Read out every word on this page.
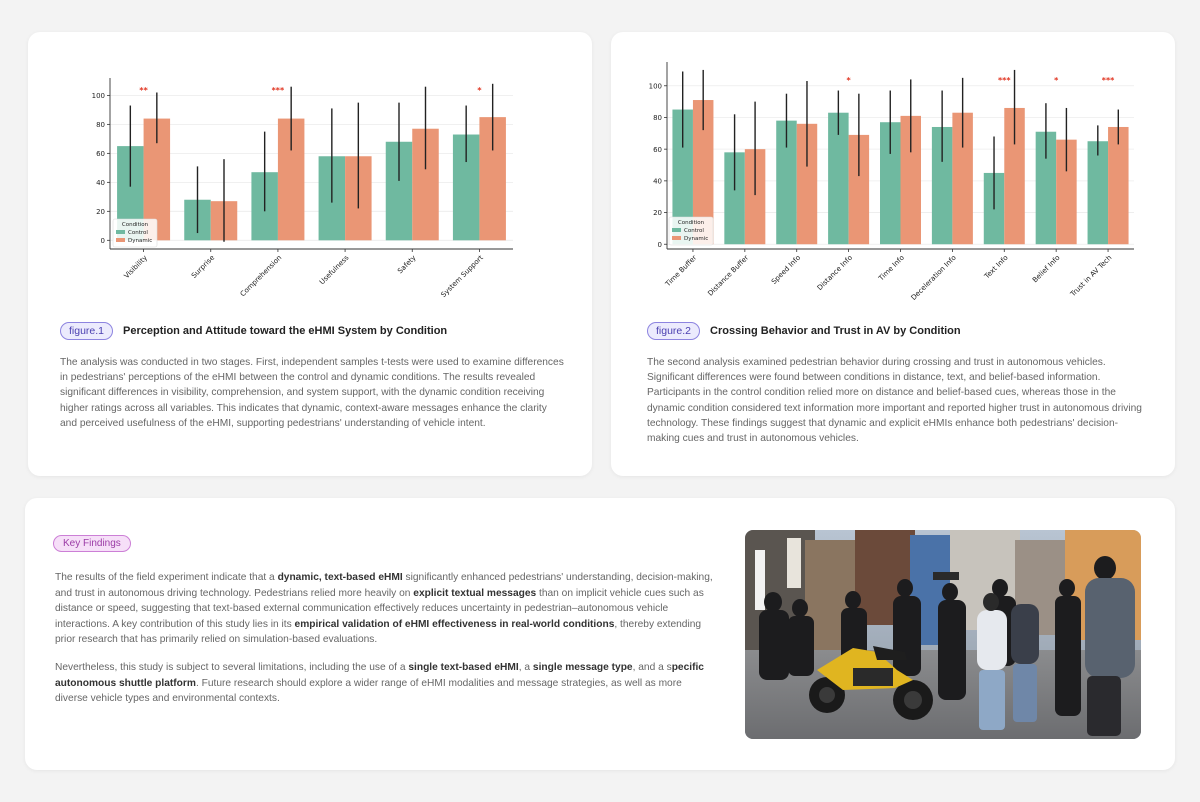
0
20
40
60
80
100
**
Visibility	Surprise
***
Comprehension	Usefulness	Safety
*
System Support
Condition
Control
Dynamic
figure.1	Perception and Attitude toward the eHMI System by Condition

The analysis was conducted in two stages. First, independent samples t-tests were used to examine differences in pedestrians' perceptions of the eHMI between the control and dynamic conditions. The results revealed significant differences in visibility, comprehension, and system support, with the dynamic condition receiving higher ratings across all variables. This indicates that dynamic, context-aware messages enhance the clarity and perceived usefulness of the eHMI, supporting pedestrians' understanding of vehicle intent.

0
20
40
60
80
100
Time Buffer Distance Buffer	Speed Info
*
Distance Info	Time Info Deceleration Info
***
Text Info
*
Belief Info
***
Trust in AV Tech
Condition
Control
Dynamic
figure.2	Crossing Behavior and Trust in AV by Condition

The second analysis examined pedestrian behavior during crossing and trust in autonomous vehicles. Significant differences were found between conditions in distance, text, and belief-based information. Participants in the control condition relied more on distance and belief-based cues, whereas those in the dynamic condition considered text information more important and reported higher trust in autonomous driving technology. These findings suggest that dynamic and explicit eHMIs enhance both pedestrians' decision-making cues and trust in autonomous vehicles.

Key Findings

The results of the field experiment indicate that a dynamic, text-based eHMI significantly enhanced pedestrians' understanding, decision-making, and trust in autonomous driving technology. Pedestrians relied more heavily on explicit textual messages than on implicit vehicle cues such as distance or speed, suggesting that text-based external communication effectively reduces uncertainty in pedestrian–autonomous vehicle interactions. A key contribution of this study lies in its empirical validation of eHMI effectiveness in real-world conditions, thereby extending prior research that has primarily relied on simulation-based evaluations.

Nevertheless, this study is subject to several limitations, including the use of a single text-based eHMI, a single message type, and a specific autonomous shuttle platform. Future research should explore a wider range of eHMI modalities and message strategies, as well as more diverse vehicle types and environmental contexts.
